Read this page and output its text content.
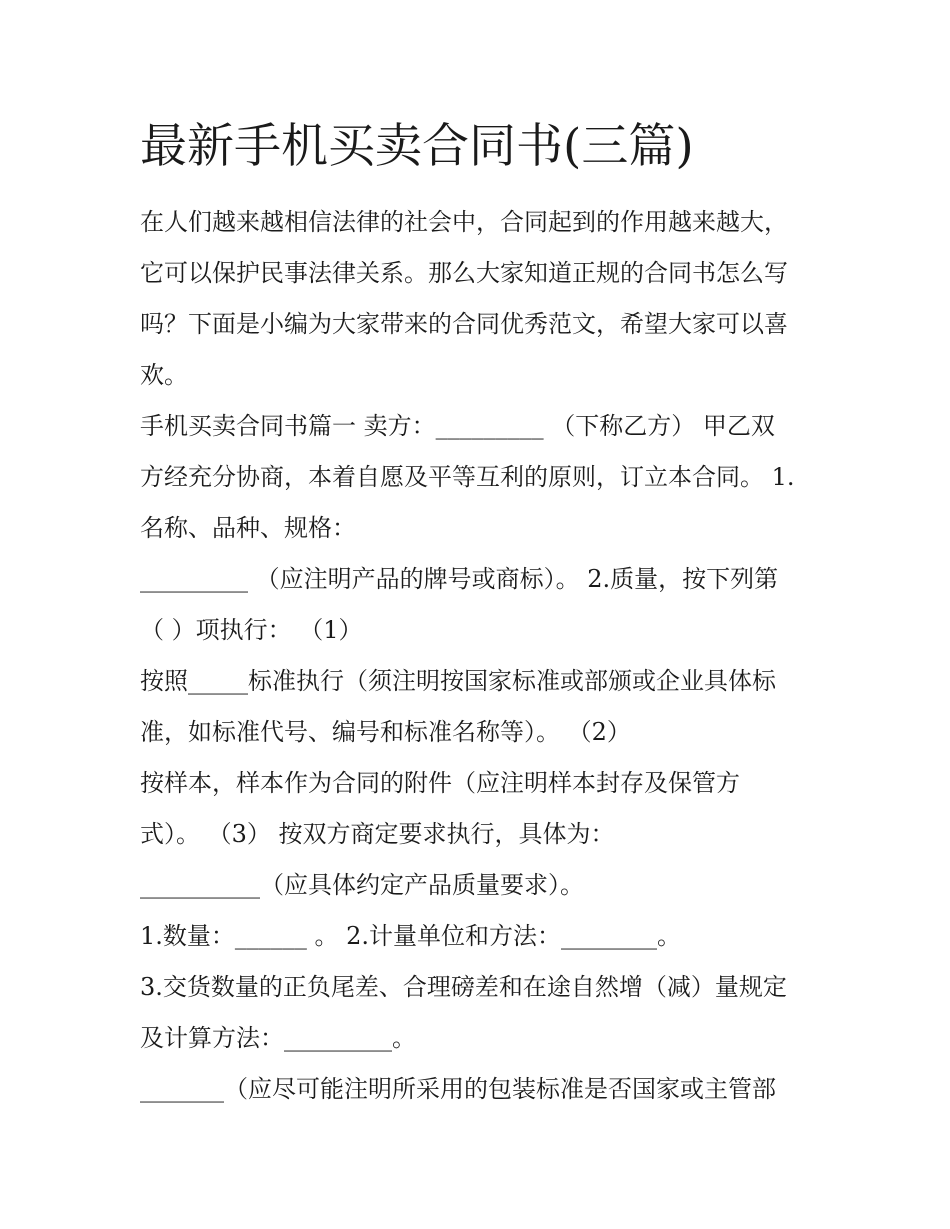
最新手机买卖合同书(三篇)
在人们越来越相信法律的社会中，合同起到的作用越来越大，
它可以保护民事法律关系。那么大家知道正规的合同书怎么写
吗？下面是小编为大家带来的合同优秀范文，希望大家可以喜
欢。
手机买卖合同书篇一 卖方：_________ （下称乙方） 甲乙双
方经充分协商，本着自愿及平等互利的原则，订立本合同。 1.
名称、品种、规格：
_________ （应注明产品的牌号或商标）。 2.质量，按下列第
（ ）项执行： （1）
按照_____标准执行（须注明按国家标准或部颁或企业具体标
准，如标准代号、编号和标准名称等）。 （2）
按样本，样本作为合同的附件（应注明样本封存及保管方
式）。 （3） 按双方商定要求执行，具体为：
__________（应具体约定产品质量要求）。
1.数量：______ 。 2.计量单位和方法：________。
3.交货数量的正负尾差、合理磅差和在途自然增（减）量规定
及计算方法：_________。
_______（应尽可能注明所采用的包装标准是否国家或主管部
